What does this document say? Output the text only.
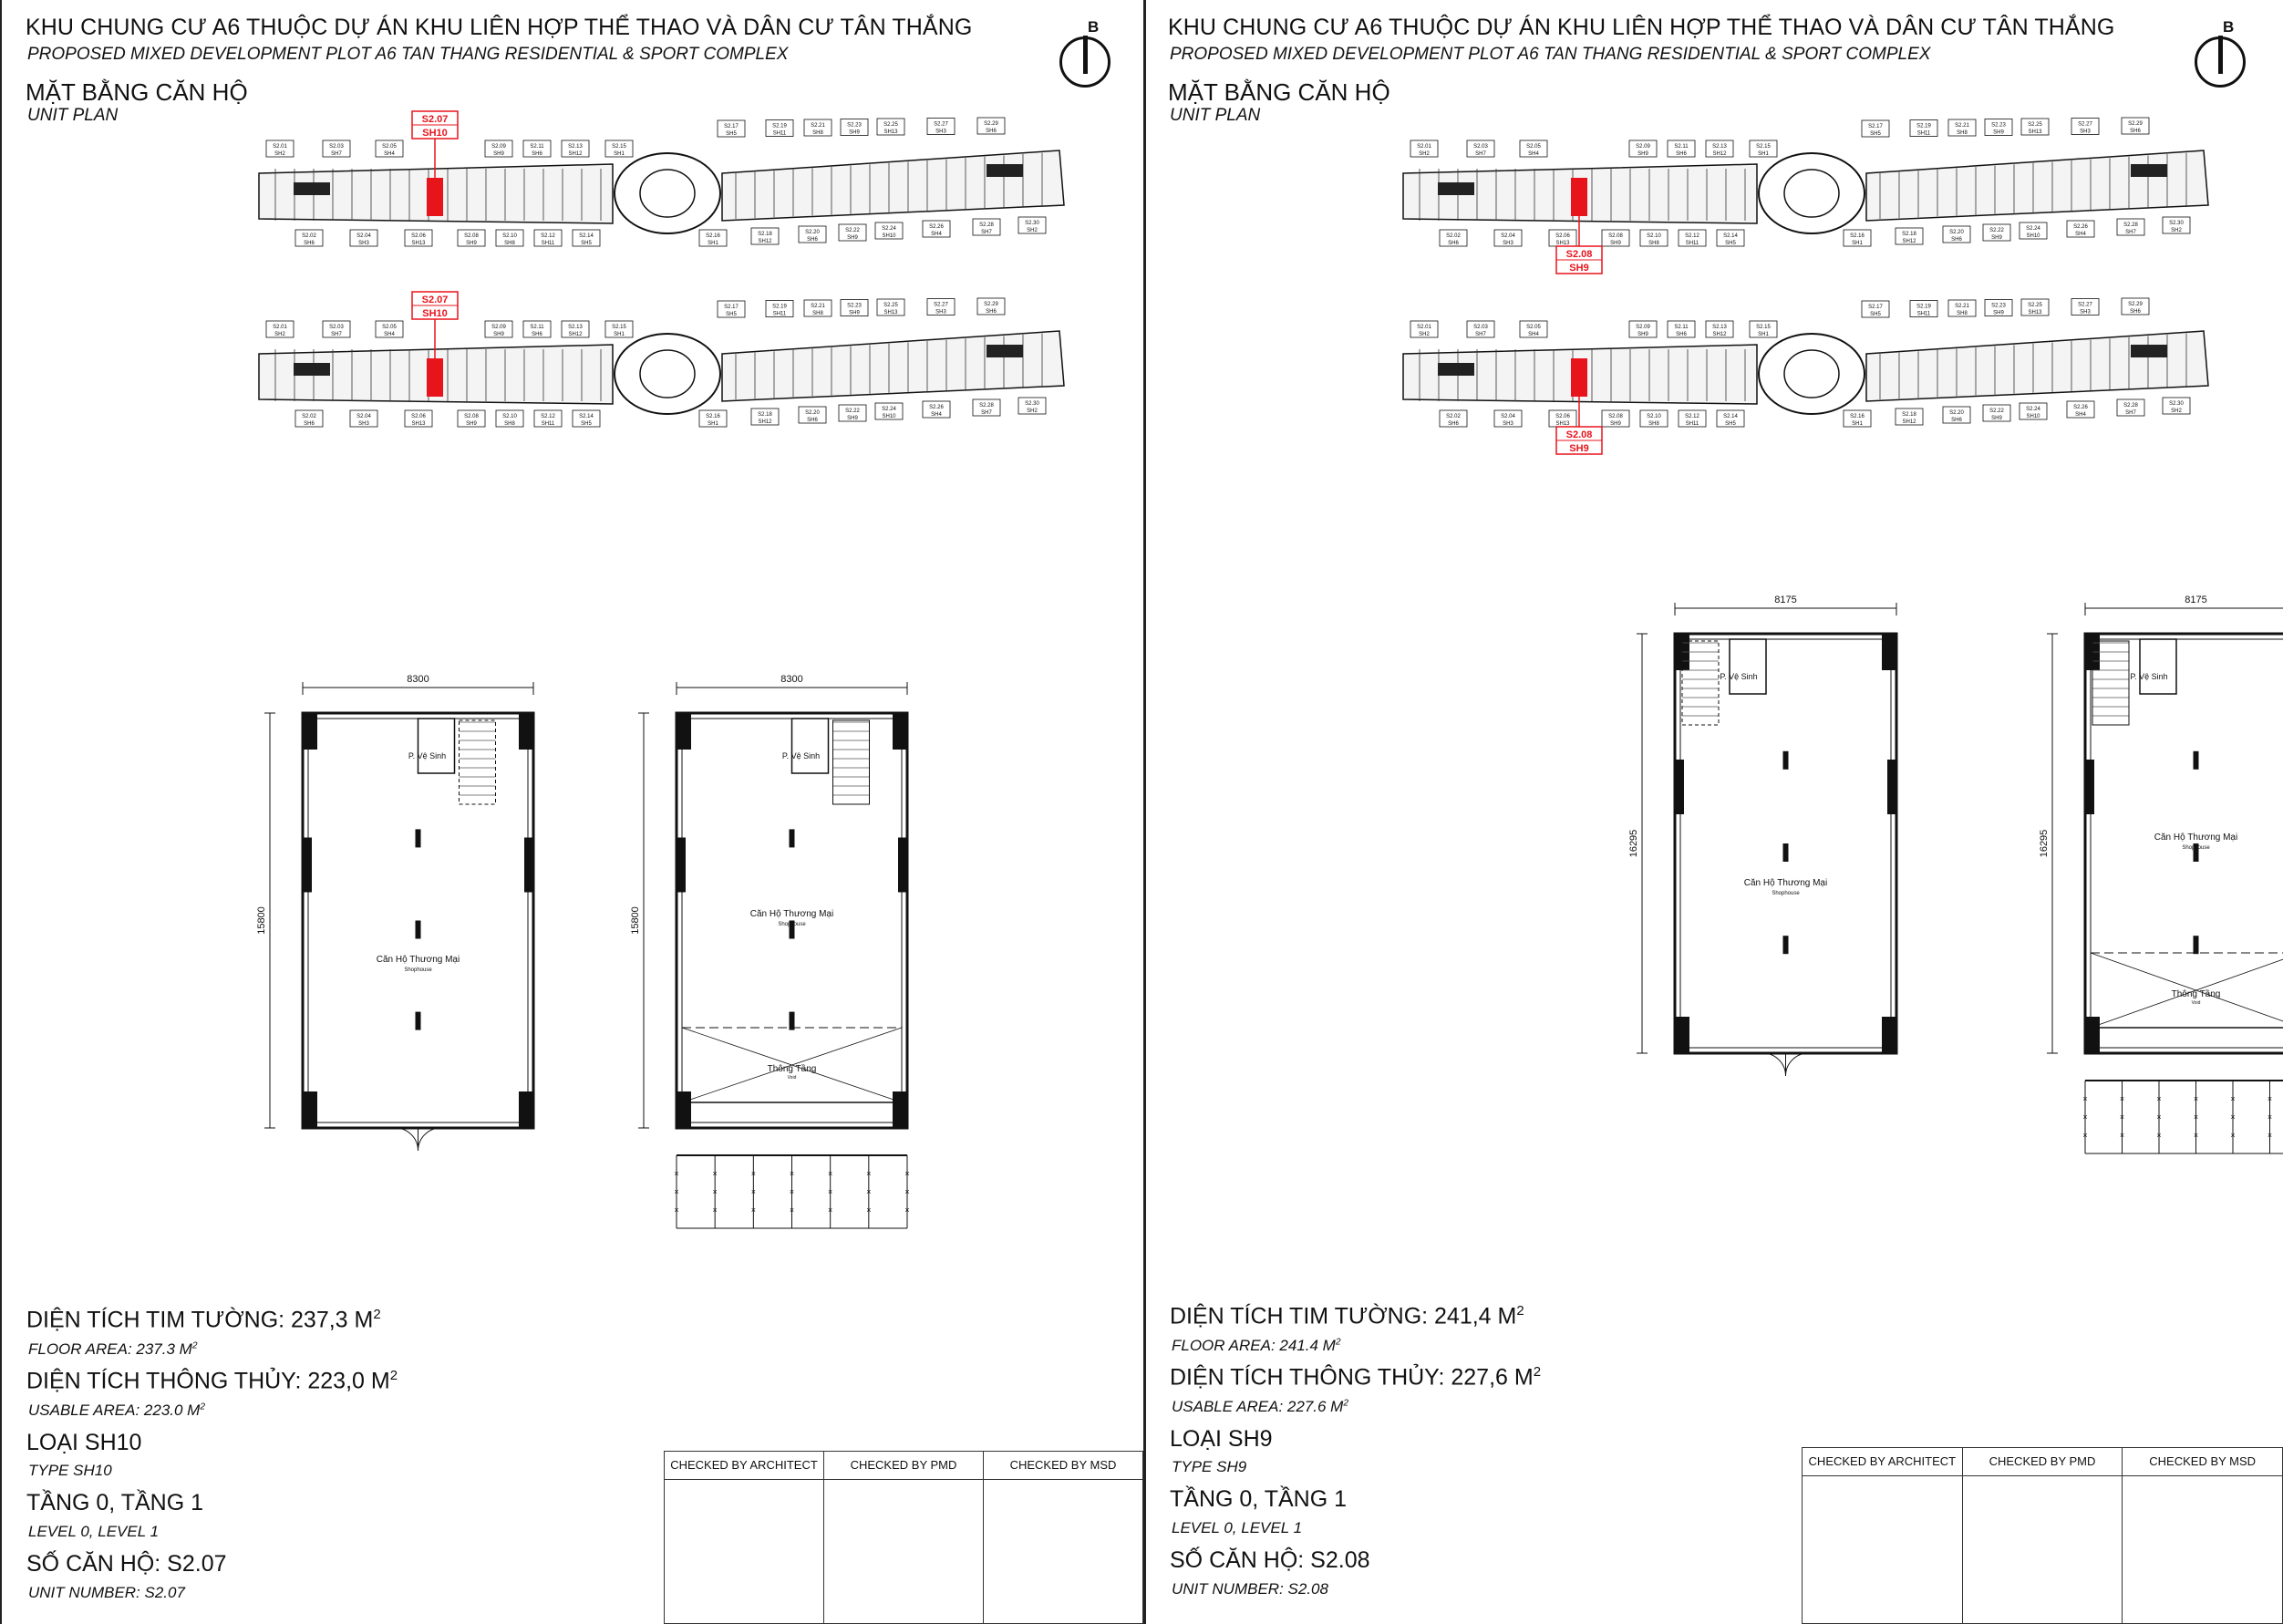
KHU CHUNG CƯ A6 THUỘC DỰ ÁN KHU LIÊN HỢP THỂ THAO VÀ DÂN CƯ TÂN THẮNG
PROPOSED MIXED DEVELOPMENT PLOT A6 TAN THANG RESIDENTIAL & SPORT COMPLEX
MẶT BẰNG CĂN HỘ
UNIT PLAN
B
S2.01
SH2
S2.03
SH7
S2.05
SH4
S2.09
SH9
S2.11
SH6
S2.13
SH12
S2.15
SH1
S2.17
SH5
S2.19
SH11
S2.21
SH8
S2.23
SH9
S2.25
SH13
S2.27
SH3
S2.29
SH6
S2.02
SH6
S2.04
SH3
S2.06
SH13
S2.08
SH9
S2.10
SH8
S2.12
SH11
S2.14
SH5
S2.16
SH1
S2.18
SH12
S2.20
SH6
S2.22
SH9
S2.24
SH10
S2.26
SH4
S2.28
SH7
S2.30
SH2
S2.07
SH10
S2.01
SH2
S2.03
SH7
S2.05
SH4
S2.09
SH9
S2.11
SH6
S2.13
SH12
S2.15
SH1
S2.17
SH5
S2.19
SH11
S2.21
SH8
S2.23
SH9
S2.25
SH13
S2.27
SH3
S2.29
SH6
S2.02
SH6
S2.04
SH3
S2.06
SH13
S2.08
SH9
S2.10
SH8
S2.12
SH11
S2.14
SH5
S2.16
SH1
S2.18
SH12
S2.20
SH6
S2.22
SH9
S2.24
SH10
S2.26
SH4
S2.28
SH7
S2.30
SH2
S2.07
SH10
8300
15800
P. Vệ Sinh
Căn Hộ Thương Mại
Shophouse
8300
15800
P. Vệ Sinh
Căn Hộ Thương Mại
Shophouse
Thông Tầng
Void
×
×
×
×
×
×
×
×
×
×
×
×
×
×
×
×
×
×
×
×
×
DIỆN TÍCH TIM TƯỜNG: 237,3 $M^2$
FLOOR AREA: 237.3 $M^2$
DIỆN TÍCH THÔNG THỦY: 223,0 $M^2$
USABLE AREA: 223.0 $M^2$
LOẠI SH10
TYPE SH10
TẦNG 0, TẦNG 1
LEVEL 0, LEVEL 1
SỐ CĂN HỘ: S2.07
UNIT NUMBER: S2.07
CHECKED BY ARCHITECT	CHECKED BY PMD	CHECKED BY MSD
KHU CHUNG CƯ A6 THUỘC DỰ ÁN KHU LIÊN HỢP THỂ THAO VÀ DÂN CƯ TÂN THẮNG
PROPOSED MIXED DEVELOPMENT PLOT A6 TAN THANG RESIDENTIAL & SPORT COMPLEX
MẶT BẰNG CĂN HỘ
UNIT PLAN
B
S2.01
SH2
S2.03
SH7
S2.05
SH4
S2.09
SH9
S2.11
SH6
S2.13
SH12
S2.15
SH1
S2.17
SH5
S2.19
SH11
S2.21
SH8
S2.23
SH9
S2.25
SH13
S2.27
SH3
S2.29
SH6
S2.02
SH6
S2.04
SH3
S2.06
SH13
S2.08
SH9
S2.10
SH8
S2.12
SH11
S2.14
SH5
S2.16
SH1
S2.18
SH12
S2.20
SH6
S2.22
SH9
S2.24
SH10
S2.26
SH4
S2.28
SH7
S2.30
SH2
S2.08
SH9
S2.01
SH2
S2.03
SH7
S2.05
SH4
S2.09
SH9
S2.11
SH6
S2.13
SH12
S2.15
SH1
S2.17
SH5
S2.19
SH11
S2.21
SH8
S2.23
SH9
S2.25
SH13
S2.27
SH3
S2.29
SH6
S2.02
SH6
S2.04
SH3
S2.06
SH13
S2.08
SH9
S2.10
SH8
S2.12
SH11
S2.14
SH5
S2.16
SH1
S2.18
SH12
S2.20
SH6
S2.22
SH9
S2.24
SH10
S2.26
SH4
S2.28
SH7
S2.30
SH2
S2.08
SH9
8175
16295
P. Vệ Sinh
Căn Hộ Thương Mại
Shophouse
8175
16295
P. Vệ Sinh
Căn Hộ Thương Mại
Shophouse
Thông Tầng
Void
×
×
×
×
×
×
×
×
×
×
×
×
×
×
×
×
×
×
DIỆN TÍCH TIM TƯỜNG: 241,4 $M^2$
FLOOR AREA: 241.4 $M^2$
DIỆN TÍCH THÔNG THỦY: 227,6 $M^2$
USABLE AREA: 227.6 $M^2$
LOẠI SH9
TYPE SH9
TẦNG 0, TẦNG 1
LEVEL 0, LEVEL 1
SỐ CĂN HỘ: S2.08
UNIT NUMBER: S2.08
CHECKED BY ARCHITECT	CHECKED BY PMD	CHECKED BY MSD
